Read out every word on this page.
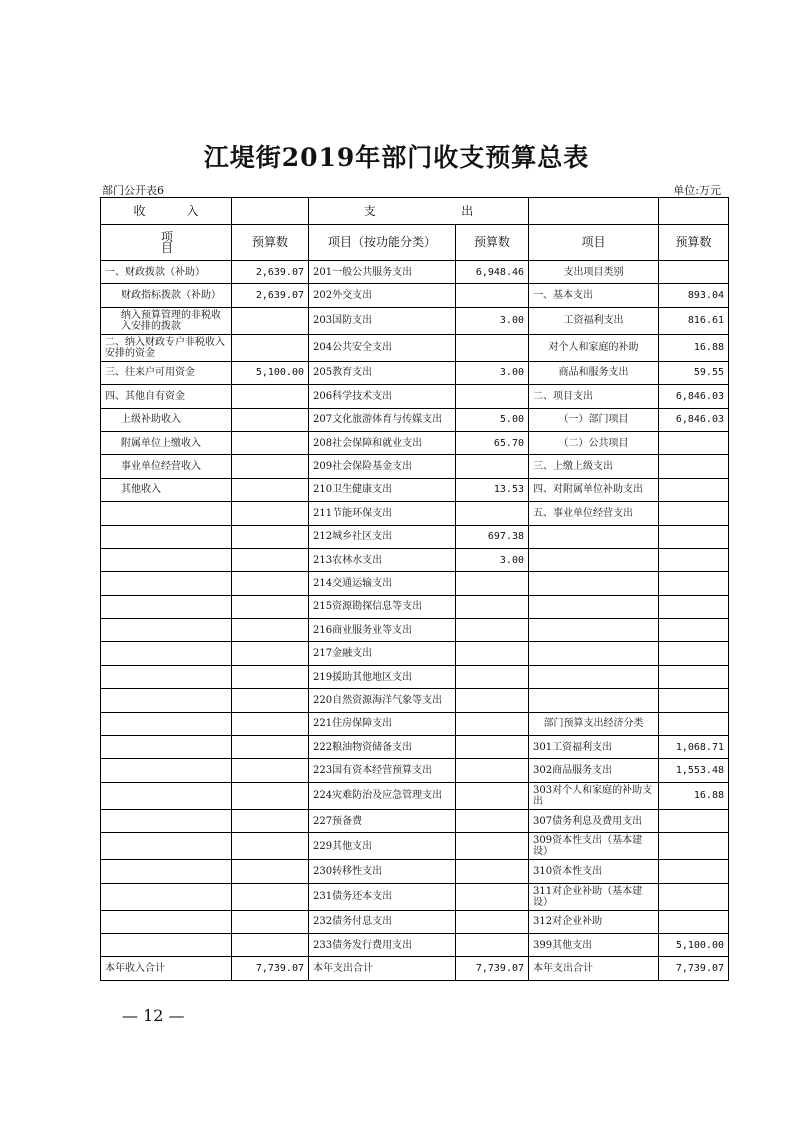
江堤街2019年部门收支预算总表
部门公开表6	单位:万元
收 入		支 出			

项目	预算数	项目（按功能分类）	预算数	项目	预算数
一、财政拨款（补助）	2,639.07	201一般公共服务支出	6,948.46	支出项目类别	
财政指标拨款（补助）	2,639.07	202外交支出		一、基本支出	893.04
纳入预算管理的非税收入安排的拨款		203国防支出	3.00	工资福利支出	816.61
二、纳入财政专户非税收入安排的资金		204公共安全支出		对个人和家庭的补助	16.88
三、往来户可用资金	5,100.00	205教育支出	3.00	商品和服务支出	59.55
四、其他自有资金		206科学技术支出		二、项目支出	6,846.03
上级补助收入		207文化旅游体育与传媒支出	5.00	（一）部门项目	6,846.03
附属单位上缴收入		208社会保障和就业支出	65.70	（二）公共项目	
事业单位经营收入		209社会保险基金支出		三、上缴上级支出	
其他收入		210卫生健康支出	13.53	四、对附属单位补助支出	
		211节能环保支出		五、事业单位经营支出	
		212城乡社区支出	697.38		
		213农林水支出	3.00		
		214交通运输支出			
		215资源勘探信息等支出			
		216商业服务业等支出			
		217金融支出			
		219援助其他地区支出			
		220自然资源海洋气象等支出			
		221住房保障支出		部门预算支出经济分类	
		222粮油物资储备支出		301工资福利支出	1,068.71
		223国有资本经营预算支出		302商品服务支出	1,553.48
		224灾难防治及应急管理支出		303对个人和家庭的补助支出	16.88
		227预备费		307债务利息及费用支出	
		229其他支出		309资本性支出（基本建设）	
		230转移性支出		310资本性支出	
		231债务还本支出		311对企业补助（基本建设）	
		232债务付息支出		312对企业补助	
		233债务发行费用支出		399其他支出	5,100.00
本年收入合计	7,739.07	本年支出合计	7,739.07	本年支出合计	7,739.07
— 12 —
